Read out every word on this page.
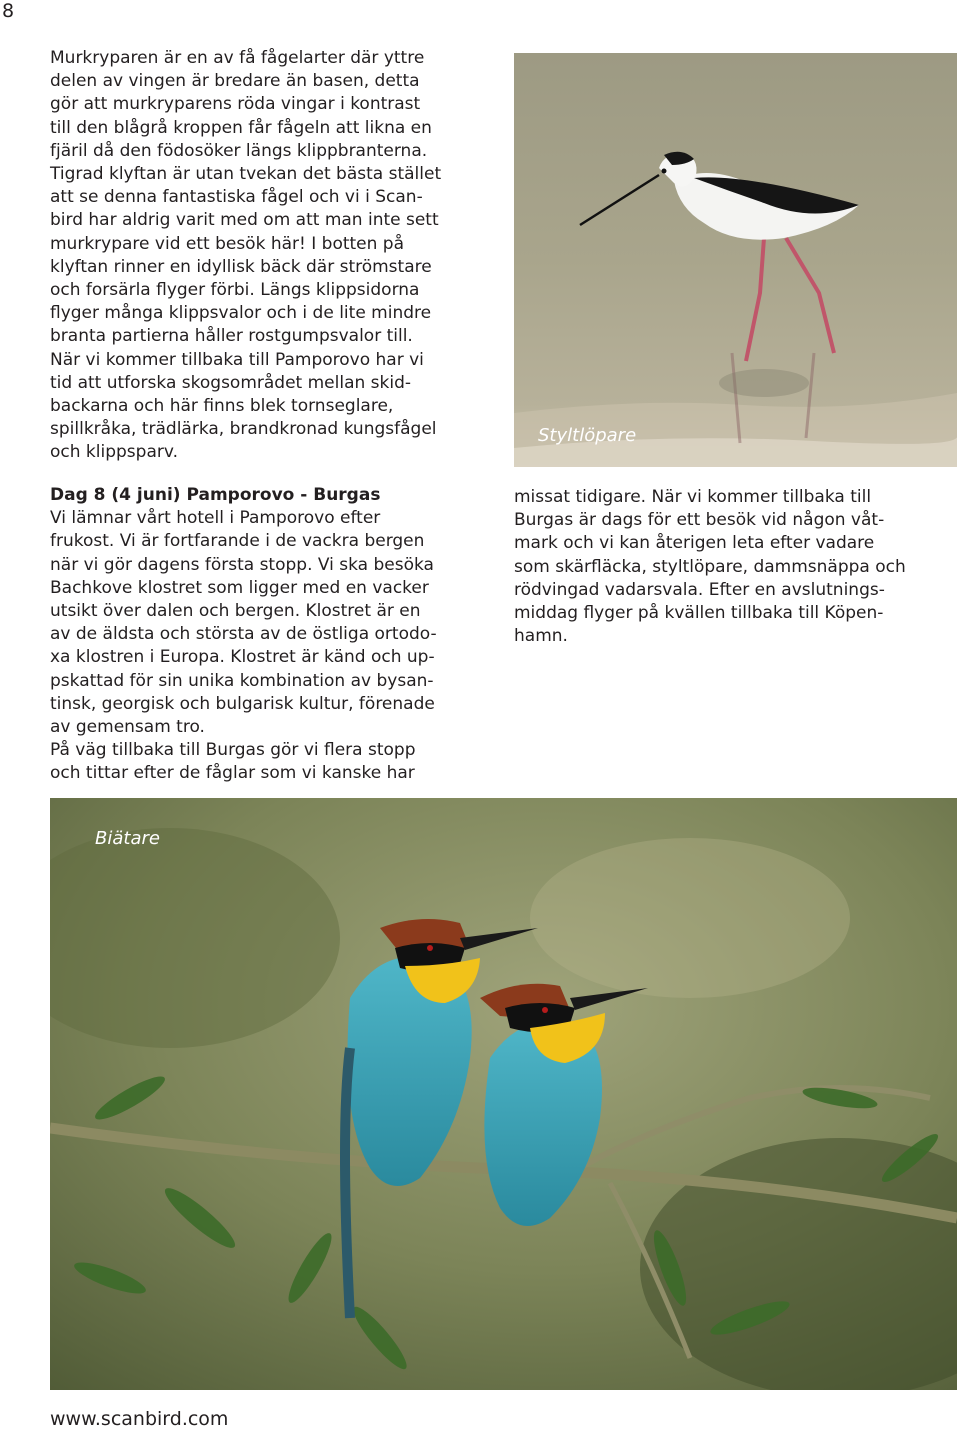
8

Murkryparen är en av få fågelarter där yttre

delen av vingen är bredare än basen, detta

gör att murkryparens röda vingar i kontrast

till den blågrå kroppen får fågeln att likna en

fjäril då den födosöker längs klippbranterna.

Tigrad klyftan är utan tvekan det bästa stället

att se denna fantastiska fågel och vi i Scan-

bird har aldrig varit med om att man inte sett

murkrypare vid ett besök här! I botten på

klyftan rinner en idyllisk bäck där strömstare

och forsärla flyger förbi. Längs klippsidorna

flyger många klippsvalor och i de lite mindre

branta partierna håller rostgumpsvalor till.

När vi kommer tillbaka till Pamporovo har vi

tid att utforska skogsområdet mellan skid-

backarna och här finns blek tornseglare,

spillkråka, trädlärka, brandkronad kungsfågel

och klippsparv.

Dag 8 (4 juni) Pamporovo - Burgas

Vi lämnar vårt hotell i Pamporovo efter

frukost. Vi är fortfarande i de vackra bergen

när vi gör dagens första stopp. Vi ska besöka

Bachkove klostret som ligger med en vacker

utsikt över dalen och bergen. Klostret är en

av de äldsta och största av de östliga ortodo-

xa klostren i Europa. Klostret är känd och up-

pskattad för sin unika kombination av bysan-

tinsk, georgisk och bulgarisk kultur, förenade

av gemensam tro.

På väg tillbaka till Burgas gör vi flera stopp

och tittar efter de fåglar som vi kanske har

missat tidigare. När vi kommer tillbaka till

Burgas är dags för ett besök vid någon våt-

mark och vi kan återigen leta efter vadare

som skärfläcka, styltlöpare, dammsnäppa och

rödvingad vadarsvala. Efter en avslutnings-

middag flyger på kvällen tillbaka till Köpen-

hamn.

Styltlöpare
Biätare
www.scanbird.com
